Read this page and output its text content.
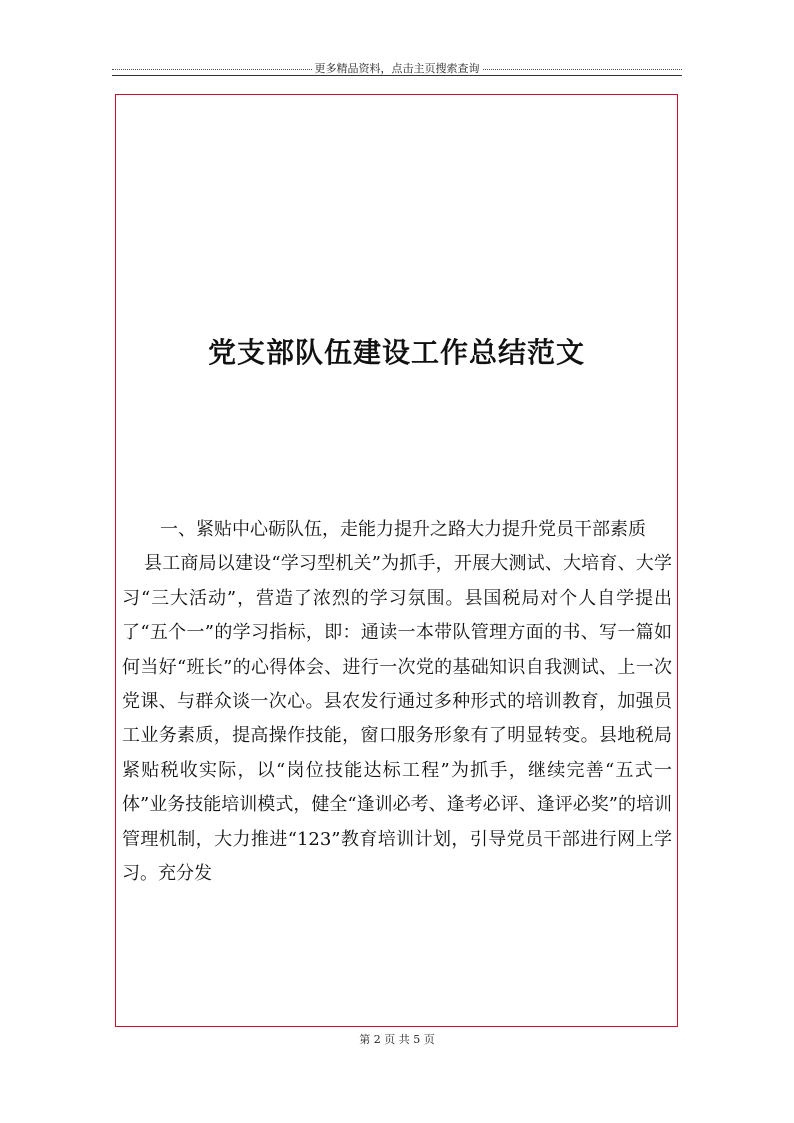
更多精品资料，点击主页搜索查询
党支部队伍建设工作总结范文

一、紧贴中心砺队伍，走能力提升之路大力提升党员干部素质

县工商局以建设“学习型机关”为抓手，开展大测试、大培育、大学习“三大活动”，营造了浓烈的学习氛围。县国税局对个人自学提出了“五个一”的学习指标，即：通读一本带队管理方面的书、写一篇如何当好“班长”的心得体会、进行一次党的基础知识自我测试、上一次党课、与群众谈一次心。县农发行通过多种形式的培训教育，加强员工业务素质，提高操作技能，窗口服务形象有了明显转变。县地税局紧贴税收实际，以“岗位技能达标工程”为抓手，继续完善“五式一体”业务技能培训模式，健全“逢训必考、逢考必评、逢评必奖”的培训管理机制，大力推进“123”教育培训计划，引导党员干部进行网上学习。充分发

第 2 页 共 5 页
